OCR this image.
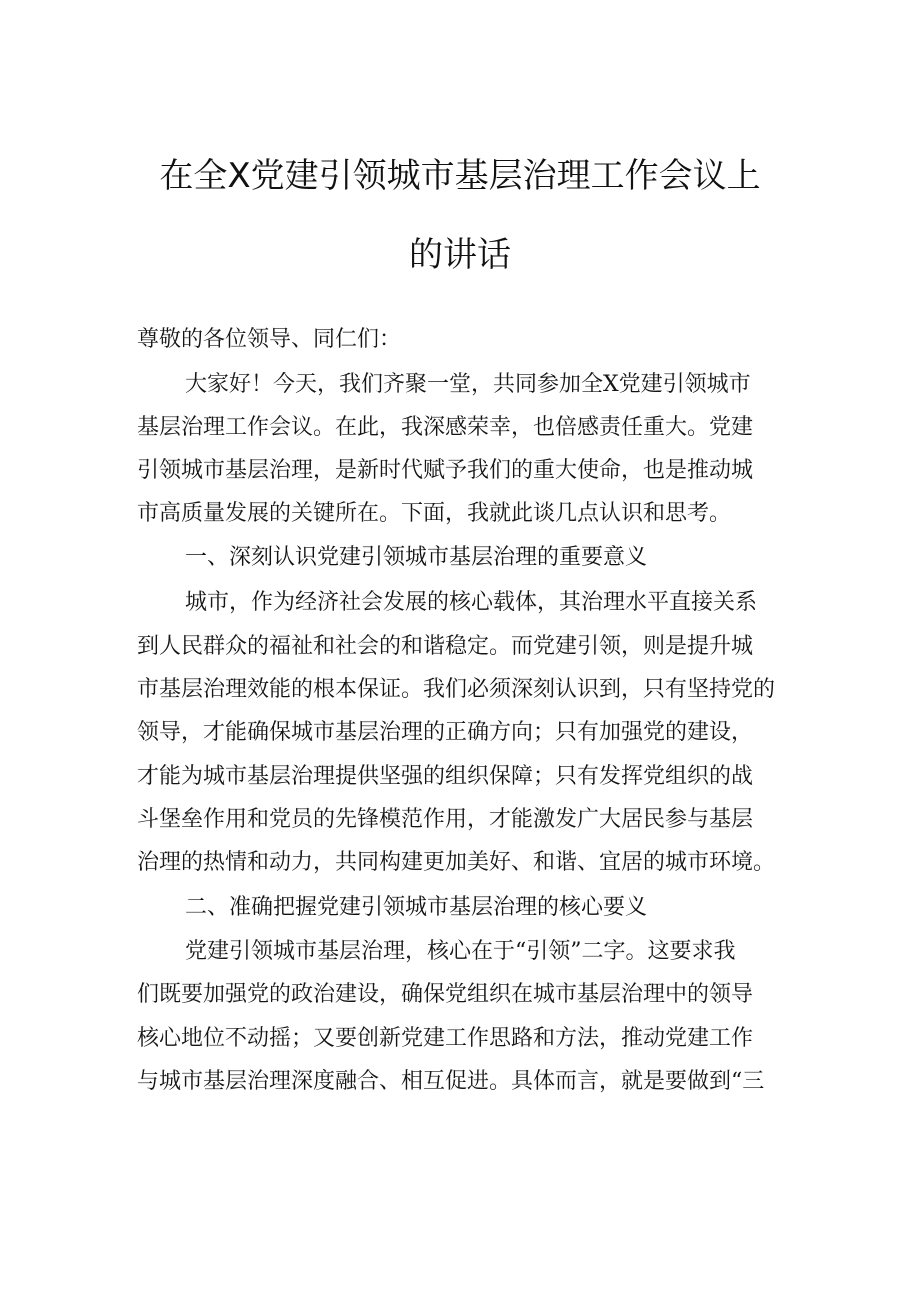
在全X党建引领城市基层治理工作会议上
的讲话
尊敬的各位领导、同仁们：
大家好！今天，我们齐聚一堂，共同参加全X党建引领城市
基层治理工作会议。在此，我深感荣幸，也倍感责任重大。党建
引领城市基层治理，是新时代赋予我们的重大使命，也是推动城
市高质量发展的关键所在。下面，我就此谈几点认识和思考。
一、深刻认识党建引领城市基层治理的重要意义
城市，作为经济社会发展的核心载体，其治理水平直接关系
到人民群众的福祉和社会的和谐稳定。而党建引领，则是提升城
市基层治理效能的根本保证。我们必须深刻认识到，只有坚持党的
领导，才能确保城市基层治理的正确方向；只有加强党的建设，
才能为城市基层治理提供坚强的组织保障；只有发挥党组织的战
斗堡垒作用和党员的先锋模范作用，才能激发广大居民参与基层
治理的热情和动力，共同构建更加美好、和谐、宜居的城市环境。
二、准确把握党建引领城市基层治理的核心要义
党建引领城市基层治理，核心在于“引领”二字。这要求我
们既要加强党的政治建设，确保党组织在城市基层治理中的领导
核心地位不动摇；又要创新党建工作思路和方法，推动党建工作
与城市基层治理深度融合、相互促进。具体而言，就是要做到“三
